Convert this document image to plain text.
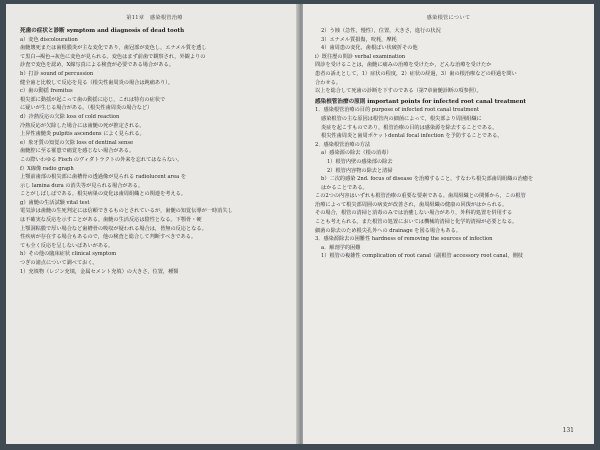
第11章　感染根管治療
死歯の症状と診断 symptom and diagnosis of dead tooth
a）変色 discolouration
歯髄壊死または歯根膜炎が主な変化であり，歯冠部が変色し，エナメル質を透し
て黒白→褐色→灰色に変色が見られる。変色はまず前歯で観察され，外観よりの
診査で変色を認め，X線写真による検査が必要である場合がある。
b）打診 sound of percussion
健全歯と比較して反応を見る（根尖性歯周炎の場合は鈍痛あり）。
c）歯の動揺 fremitus
根尖部に動揺が起こって歯の動揺に応じ，これは特有の症状で
に疑いが生じる場合がある。（根尖性歯周炎の場合など）
d）冷熱反応の欠除 loss of cold reaction
冷熱反応が欠除した場合には歯髄の死が推定される。
上昇性歯髄炎 pulpitis ascendens によく見られる。
e）象牙質の知覚の欠除 loss of dentinal sense
歯髄腔に至る罹患で痛覚を感じない場合がある。
この際いわゆる Fisch のヴィダトラクトの外来を忘れてはならない。
f）X線像 radio graph
上顎前歯部の根尖部に歯槽骨の透過像が見られる radiolucent area を
示し lamina dura の消失等が見られる場合がある。
ことがしばしばである。根尖病巣の変化は歯周組織との関連を考える。
g）歯髄の生活試験 vital test
電気診は歯髄の生死判定には信頼できるものとされているが，歯髄の知覚伝導が一時消失し
は不確実な反応を示すことがある。歯髄の生活反応は陰性となる。下顎骨・硬
上顎洞粘膜で厚い場合など歯槽骨の吸収が疑われる場合は，皆無の反応となる。
性疾病が存在する場合もあるので，他の検査と総合して判断すべきである。
ても全く反応を呈しないばあいがある。
h）その他の臨床症状 clinical symptom
つぎの諸点について調べておく。
1）充填物（レジン充填，金属セメント充填）の大きさ，位置，種類
感染根管について
2）う蝕（急性，慢性），位置，大きさ，進行の状況
3）エナメル質損傷，咬耗，摩耗
4）歯周患の変化，歯根ばい状破折その他
i）既往歴の問診 verbal examination
問診を受けることは，歯髄に痛みの治療を受けたか，どんな治療を受けたか
患者の訴えとして，1）症状の程度，2）症状の経過，3）歯の根治療などの経過を問い
合わせる。
以上を総合して死歯の診断を下すのである（第7章歯髄診断の項参照）。
感染根管治療の原則 important points for infected root canal treatment
1．感染根管治療の目的 purpose of infected root canal treatment
感染根管の主な原因は根管内の細菌によって，根尖部より周囲組織に
炎症を起こすものであり，根管治療の目的は感染源を除去することである。
根尖性歯周炎と歯周ポケットdental focal infection を予防することである。
2．感染根管治療の方法
a）感染源の除去（根の消毒）
1）根管内壁の感染部の除去
2）根管内容物の除去と清掃
b）二次的感染 2nd. focus of disease を治療すること，すなわち根尖部歯周組織の治癒を
はかることである。
この2つの内容はいずれも根管治療の重要な要素である。歯周組織との関係から，この根管
治療によって根尖部周囲の病変が改善され，歯周組織の健康の回復がはかられる。
その場合，根管の清掃と消毒のみでは治癒しない場合があり，外科的処置を併用する
ことも考えられる。また根管の処置においては機械的清掃と化学的清掃が必要となる。
細菌の除去のため根尖孔外への drainage を図る場合もある。
3．感染源除去の困難性 hardness of removing the sources of infection
a．解剖学的困難
1）根管の複雑性 complication of root canal（副根管 accessory root canal，側枝
131
